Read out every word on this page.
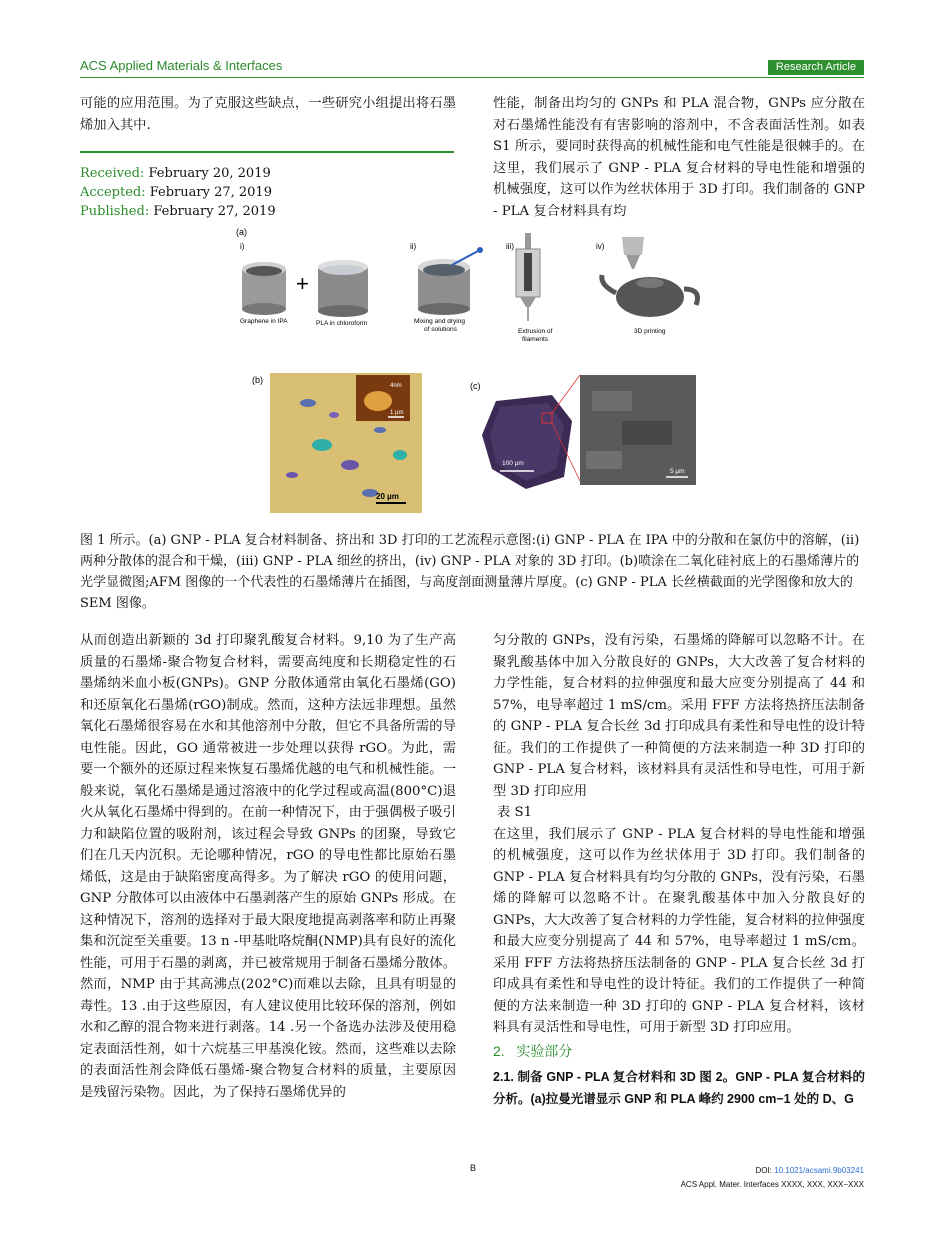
ACS Applied Materials & Interfaces	Research Article
可能的应用范围。为了克服这些缺点，一些研究小组提出将石墨烯加入其中.
Received: February 20, 2019
Accepted: February 27, 2019
Published: February 27, 2019
性能，制备出均匀的 GNPs 和 PLA 混合物，GNPs 应分散在对石墨烯性能没有有害影响的溶剂中，不含表面活性剂。如表 S1 所示，要同时获得高的机械性能和电气性能是很棘手的。在这里，我们展示了 GNP - PLA 复合材料的导电性能和增强的机械强度，这可以作为丝状体用于 3D 打印。我们制备的 GNP - PLA 复合材料具有均
(a)
i)
Graphene in IPA
+
PLA in chloroform
ii)
Mixing and drying
of solutions
iii)
Extrusion of
filaments
iv)
3D printing
(b)
20 µm
4nm
1 µm
(c)
100 µm
5 µm
图 1 所示。(a) GNP - PLA 复合材料制备、挤出和 3D 打印的工艺流程示意图:(i) GNP - PLA 在 IPA 中的分散和在氯仿中的溶解，(ii)两种分散体的混合和干燥，(iii) GNP - PLA 细丝的挤出，(iv) GNP - PLA 对象的 3D 打印。(b)喷涂在二氧化硅衬底上的石墨烯薄片的光学显微图;AFM 图像的一个代表性的石墨烯薄片在插图，与高度剖面测量薄片厚度。(c) GNP - PLA 长丝横截面的光学图像和放大的 SEM 图像。
从而创造出新颖的 3d 打印聚乳酸复合材料。9,10 为了生产高质量的石墨烯-聚合物复合材料，需要高纯度和长期稳定性的石墨烯纳米血小板(GNPs)。GNP 分散体通常由氧化石墨烯(GO)和还原氧化石墨烯(rGO)制成。然而，这种方法远非理想。虽然氧化石墨烯很容易在水和其他溶剂中分散，但它不具备所需的导电性能。因此，GO 通常被进一步处理以获得 rGO。为此，需要一个额外的还原过程来恢复石墨烯优越的电气和机械性能。一般来说，氧化石墨烯是通过溶液中的化学过程或高温(800°C)退火从氧化石墨烯中得到的。在前一种情况下，由于强偶极子吸引力和缺陷位置的吸附剂，该过程会导致 GNPs 的团聚，导致它们在几天内沉积。无论哪种情况，rGO 的导电性都比原始石墨烯低，这是由于缺陷密度高得多。为了解决 rGO 的使用问题，GNP 分散体可以由液体中石墨剥落产生的原始 GNPs 形成。在这种情况下，溶剂的选择对于最大限度地提高剥落率和防止再聚集和沉淀至关重要。13 n -甲基吡咯烷酮(NMP)具有良好的流化性能，可用于石墨的剥离，并已被常规用于制备石墨烯分散体。然而，NMP 由于其高沸点(202°C)而难以去除，且具有明显的毒性。13 .由于这些原因，有人建议使用比较环保的溶剂，例如水和乙醇的混合物来进行剥落。14 .另一个备选办法涉及使用稳定表面活性剂，如十六烷基三甲基溴化铵。然而，这些难以去除的表面活性剂会降低石墨烯-聚合物复合材料的质量，主要原因是残留污染物。因此，为了保持石墨烯优异的
匀分散的 GNPs，没有污染，石墨烯的降解可以忽略不计。在聚乳酸基体中加入分散良好的 GNPs，大大改善了复合材料的力学性能，复合材料的拉伸强度和最大应变分别提高了 44 和 57%，电导率超过 1 mS/cm。采用 FFF 方法将热挤压法制备的 GNP - PLA 复合长丝 3d 打印成具有柔性和导电性的设计特征。我们的工作提供了一种简便的方法来制造一种 3D 打印的 GNP - PLA 复合材料，该材料具有灵活性和导电性，可用于新型 3D 打印应用
表 S1
在这里，我们展示了 GNP - PLA 复合材料的导电性能和增强的机械强度，这可以作为丝状体用于 3D 打印。我们制备的 GNP - PLA 复合材料具有均匀分散的 GNPs，没有污染，石墨烯的降解可以忽略不计。在聚乳酸基体中加入分散良好的 GNPs，大大改善了复合材料的力学性能，复合材料的拉伸强度和最大应变分别提高了 44 和 57%，电导率超过 1 mS/cm。采用 FFF 方法将热挤压法制备的 GNP - PLA 复合长丝 3d 打印成具有柔性和导电性的设计特征。我们的工作提供了一种简便的方法来制造一种 3D 打印的 GNP - PLA 复合材料，该材料具有灵活性和导电性，可用于新型 3D 打印应用。
2.   实验部分
2.1. 制备 GNP - PLA 复合材料和 3D 图 2。GNP - PLA 复合材料的分析。(a)拉曼光谱显示 GNP 和 PLA 峰约 2900 cm−1 处的 D、G
B	DOI: 10.1021/acsami.9b03241
ACS Appl. Mater. Interfaces XXXX, XXX, XXX−XXX
